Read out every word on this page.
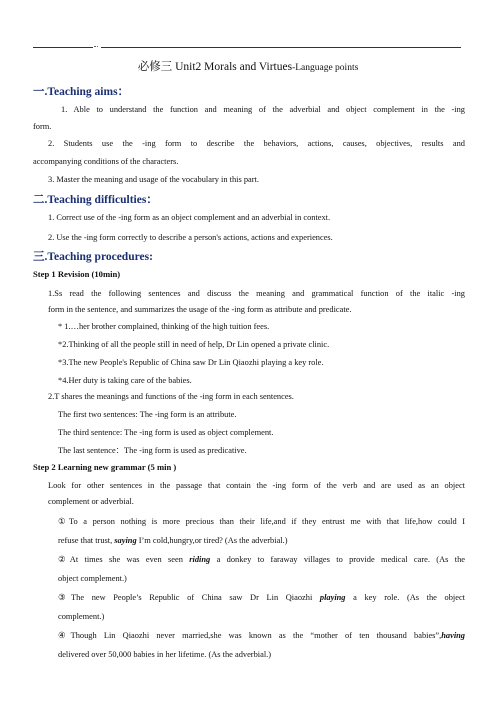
必修三 Unit2 Morals and Virtues-Language points
一.Teaching aims：
1. Able to understand the function and meaning of the adverbial and object complement in the -ing
form.
2. Students use the -ing form to describe the behaviors, actions, causes, objectives, results and
accompanying conditions of the characters.
3. Master the meaning and usage of the vocabulary in this part.
二.Teaching difficulties：
1. Correct use of the -ing form as an object complement and an adverbial in context.
2. Use the -ing form correctly to describe a person's actions, actions and experiences.
三.Teaching procedures:
Step 1 Revision (10min)
1.Ss read the following sentences and discuss the meaning and grammatical function of the italic -ing
form in the sentence, and summarizes the usage of the -ing form as attribute and predicate.
* 1.…her brother complained, thinking of the high tuition fees.
*2.Thinking of all the people still in need of help, Dr Lin opened a private clinic.
*3.The new People's Republic of China saw Dr Lin Qiaozhi playing a key role.
*4.Her duty is taking care of the babies.
2.T shares the meanings and functions of the -ing form in each sentences.
The first two sentences: The -ing form is an attribute.
The third sentence: The -ing form is used as object complement.
The last sentence：The -ing form is used as predicative.
Step 2 Learning new grammar (5 min )
Look for other sentences in the passage that contain the -ing form of the verb and are used as an object
complement or adverbial.
①To a person nothing is more precious than their life,and if they entrust me with that life,how could I
refuse that trust, saying I’m cold,hungry,or tired? (As the adverbial.)
②At times she was even seen riding a donkey to faraway villages to provide medical care. (As the
object complement.)
③The new People’s Republic of China saw Dr Lin Qiaozhi playing a key role. (As the object
complement.)
④Though Lin Qiaozhi never married,she was known as the “mother of ten thousand babies”,having
delivered over 50,000 babies in her lifetime. (As the adverbial.)
